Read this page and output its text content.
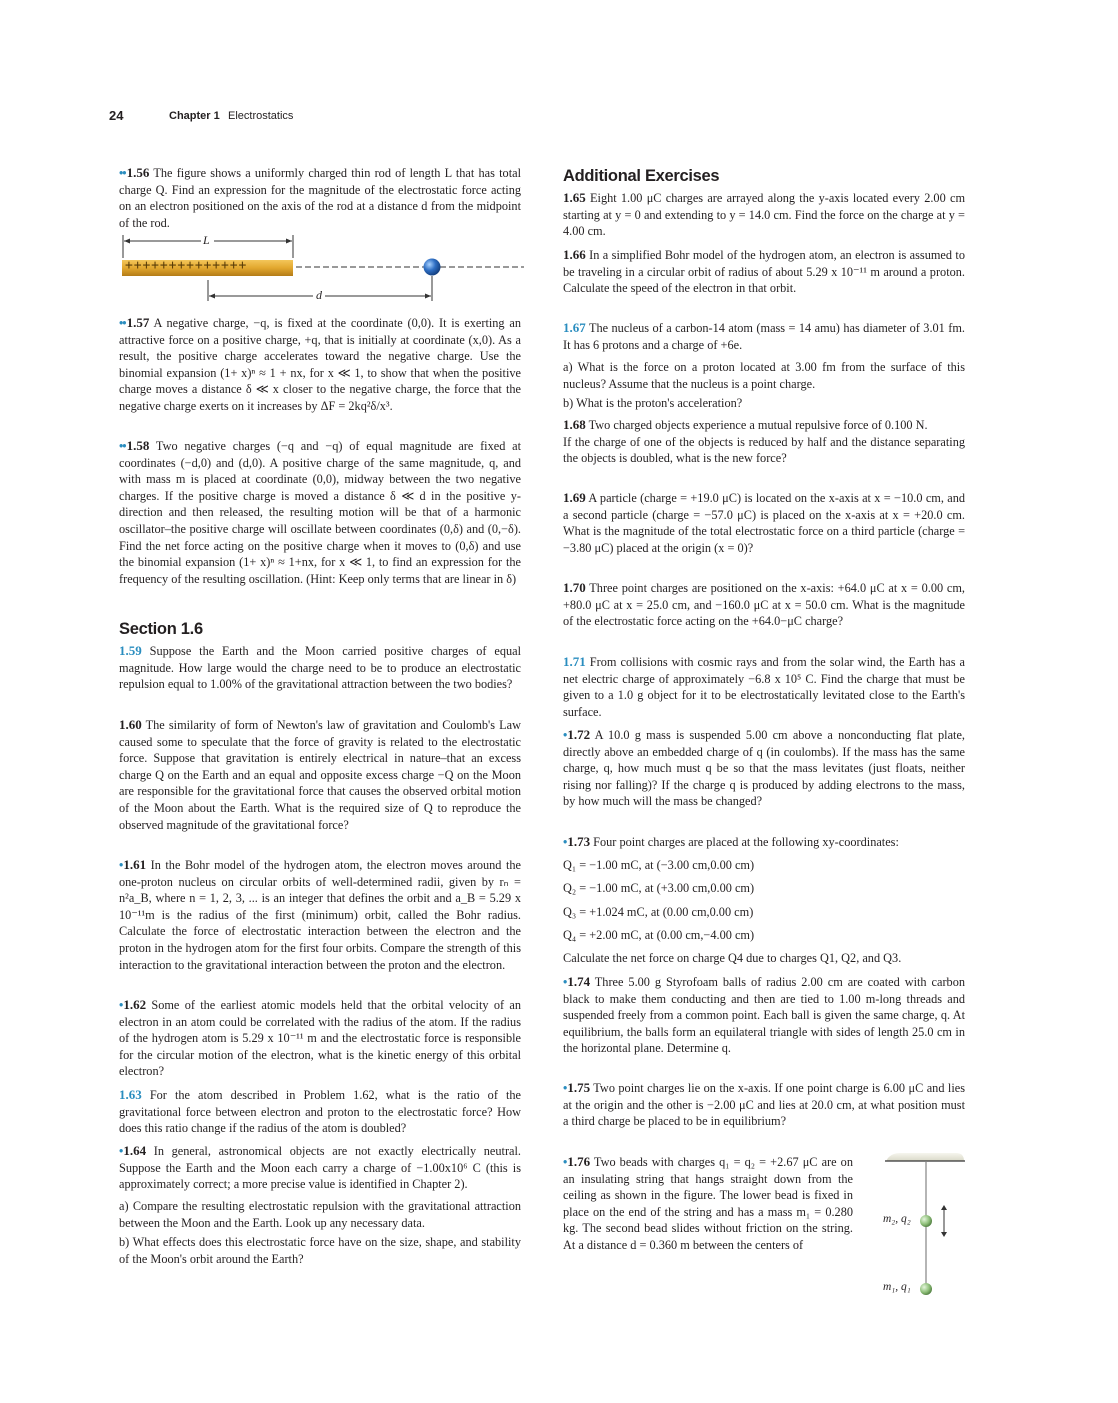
24	Chapter 1 Electrostatics
••1.56 The figure shows a uniformly charged thin rod of length L that has total charge Q. Find an expression for the magnitude of the electrostatic force acting on an electron positioned on the axis of the rod at a distance d from the midpoint of the rod.
L
++++++++++++++
d
••1.57 A negative charge, −q, is fixed at the coordinate (0,0). It is exerting an attractive force on a positive charge, +q, that is initially at coordinate (x,0). As a result, the positive charge accelerates toward the negative charge. Use the binomial expansion (1+ x)ⁿ ≈ 1 + nx, for x ≪ 1, to show that when the positive charge moves a distance δ ≪ x closer to the negative charge, the force that the negative charge exerts on it increases by ΔF = 2kq²δ/x³.
••1.58 Two negative charges (−q and −q) of equal magnitude are fixed at coordinates (−d,0) and (d,0). A positive charge of the same magnitude, q, and with mass m is placed at coordinate (0,0), midway between the two negative charges. If the positive charge is moved a distance δ ≪ d in the positive y-direction and then released, the resulting motion will be that of a harmonic oscillator–the positive charge will oscillate between coordinates (0,δ) and (0,−δ). Find the net force acting on the positive charge when it moves to (0,δ) and use the binomial expansion (1+ x)ⁿ ≈ 1+nx, for x ≪ 1, to find an expression for the frequency of the resulting oscillation. (Hint: Keep only terms that are linear in δ)
Section 1.6
1.59 Suppose the Earth and the Moon carried positive charges of equal magnitude. How large would the charge need to be to produce an electrostatic repulsion equal to 1.00% of the gravitational attraction between the two bodies?
1.60 The similarity of form of Newton's law of gravitation and Coulomb's Law caused some to speculate that the force of gravity is related to the electrostatic force. Suppose that gravitation is entirely electrical in nature–that an excess charge Q on the Earth and an equal and opposite excess charge −Q on the Moon are responsible for the gravitational force that causes the observed orbital motion of the Moon about the Earth. What is the required size of Q to reproduce the observed magnitude of the gravitational force?
•1.61 In the Bohr model of the hydrogen atom, the electron moves around the one-proton nucleus on circular orbits of well-determined radii, given by rₙ = n²a_B, where n = 1, 2, 3, ... is an integer that defines the orbit and a_B = 5.29 x 10⁻¹¹m is the radius of the first (minimum) orbit, called the Bohr radius. Calculate the force of electrostatic interaction between the electron and the proton in the hydrogen atom for the first four orbits. Compare the strength of this interaction to the gravitational interaction between the proton and the electron.
•1.62 Some of the earliest atomic models held that the orbital velocity of an electron in an atom could be correlated with the radius of the atom. If the radius of the hydrogen atom is 5.29 x 10⁻¹¹ m and the electrostatic force is responsible for the circular motion of the electron, what is the kinetic energy of this orbital electron?
1.63 For the atom described in Problem 1.62, what is the ratio of the gravitational force between electron and proton to the electrostatic force? How does this ratio change if the radius of the atom is doubled?
•1.64 In general, astronomical objects are not exactly electrically neutral. Suppose the Earth and the Moon each carry a charge of −1.00x10⁶ C (this is approximately correct; a more precise value is identified in Chapter 2).
a) Compare the resulting electrostatic repulsion with the gravitational attraction between the Moon and the Earth. Look up any necessary data.
b) What effects does this electrostatic force have on the size, shape, and stability of the Moon's orbit around the Earth?
Additional Exercises
1.65 Eight 1.00 μC charges are arrayed along the y-axis located every 2.00 cm starting at y = 0 and extending to y = 14.0 cm. Find the force on the charge at y = 4.00 cm.
1.66 In a simplified Bohr model of the hydrogen atom, an electron is assumed to be traveling in a circular orbit of radius of about 5.29 x 10⁻¹¹ m around a proton. Calculate the speed of the electron in that orbit.
1.67 The nucleus of a carbon-14 atom (mass = 14 amu) has diameter of 3.01 fm. It has 6 protons and a charge of +6e.
a) What is the force on a proton located at 3.00 fm from the surface of this nucleus? Assume that the nucleus is a point charge.
b) What is the proton's acceleration?
1.68 Two charged objects experience a mutual repulsive force of 0.100 N.
If the charge of one of the objects is reduced by half and the distance separating the objects is doubled, what is the new force?
1.69 A particle (charge = +19.0 μC) is located on the x-axis at x = −10.0 cm, and a second particle (charge = −57.0 μC) is placed on the x-axis at x = +20.0 cm. What is the magnitude of the total electrostatic force on a third particle (charge = −3.80 μC) placed at the origin (x = 0)?
1.70 Three point charges are positioned on the x-axis: +64.0 μC at x = 0.00 cm, +80.0 μC at x = 25.0 cm, and −160.0 μC at x = 50.0 cm. What is the magnitude of the electrostatic force acting on the +64.0−μC charge?
1.71 From collisions with cosmic rays and from the solar wind, the Earth has a net electric charge of approximately −6.8 x 10⁵ C. Find the charge that must be given to a 1.0 g object for it to be electrostatically levitated close to the Earth's surface.
•1.72 A 10.0 g mass is suspended 5.00 cm above a nonconducting flat plate, directly above an embedded charge of q (in coulombs). If the mass has the same charge, q, how much must q be so that the mass levitates (just floats, neither rising nor falling)? If the charge q is produced by adding electrons to the mass, by how much will the mass be changed?
•1.73 Four point charges are placed at the following xy-coordinates:
Q₁ = −1.00 mC, at (−3.00 cm,0.00 cm)
Q₂ = −1.00 mC, at (+3.00 cm,0.00 cm)
Q₃ = +1.024 mC, at (0.00 cm,0.00 cm)
Q₄ = +2.00 mC, at (0.00 cm,−4.00 cm)
Calculate the net force on charge Q4 due to charges Q1, Q2, and Q3.
•1.74 Three 5.00 g Styrofoam balls of radius 2.00 cm are coated with carbon black to make them conducting and then are tied to 1.00 m-long threads and suspended freely from a common point. Each ball is given the same charge, q. At equilibrium, the balls form an equilateral triangle with sides of length 25.0 cm in the horizontal plane. Determine q.
•1.75 Two point charges lie on the x-axis. If one point charge is 6.00 μC and lies at the origin and the other is −2.00 μC and lies at 20.0 cm, at what position must a third charge be placed to be in equilibrium?
•1.76 Two beads with charges q₁ = q₂ = +2.67 μC are on an insulating string that hangs straight down from the ceiling as shown in the figure. The lower bead is fixed in place on the end of the string and has a mass m₁ = 0.280 kg. The second bead slides without friction on the string. At a distance d = 0.360 m between the centers of
m₂, q₂
m₁, q₁
